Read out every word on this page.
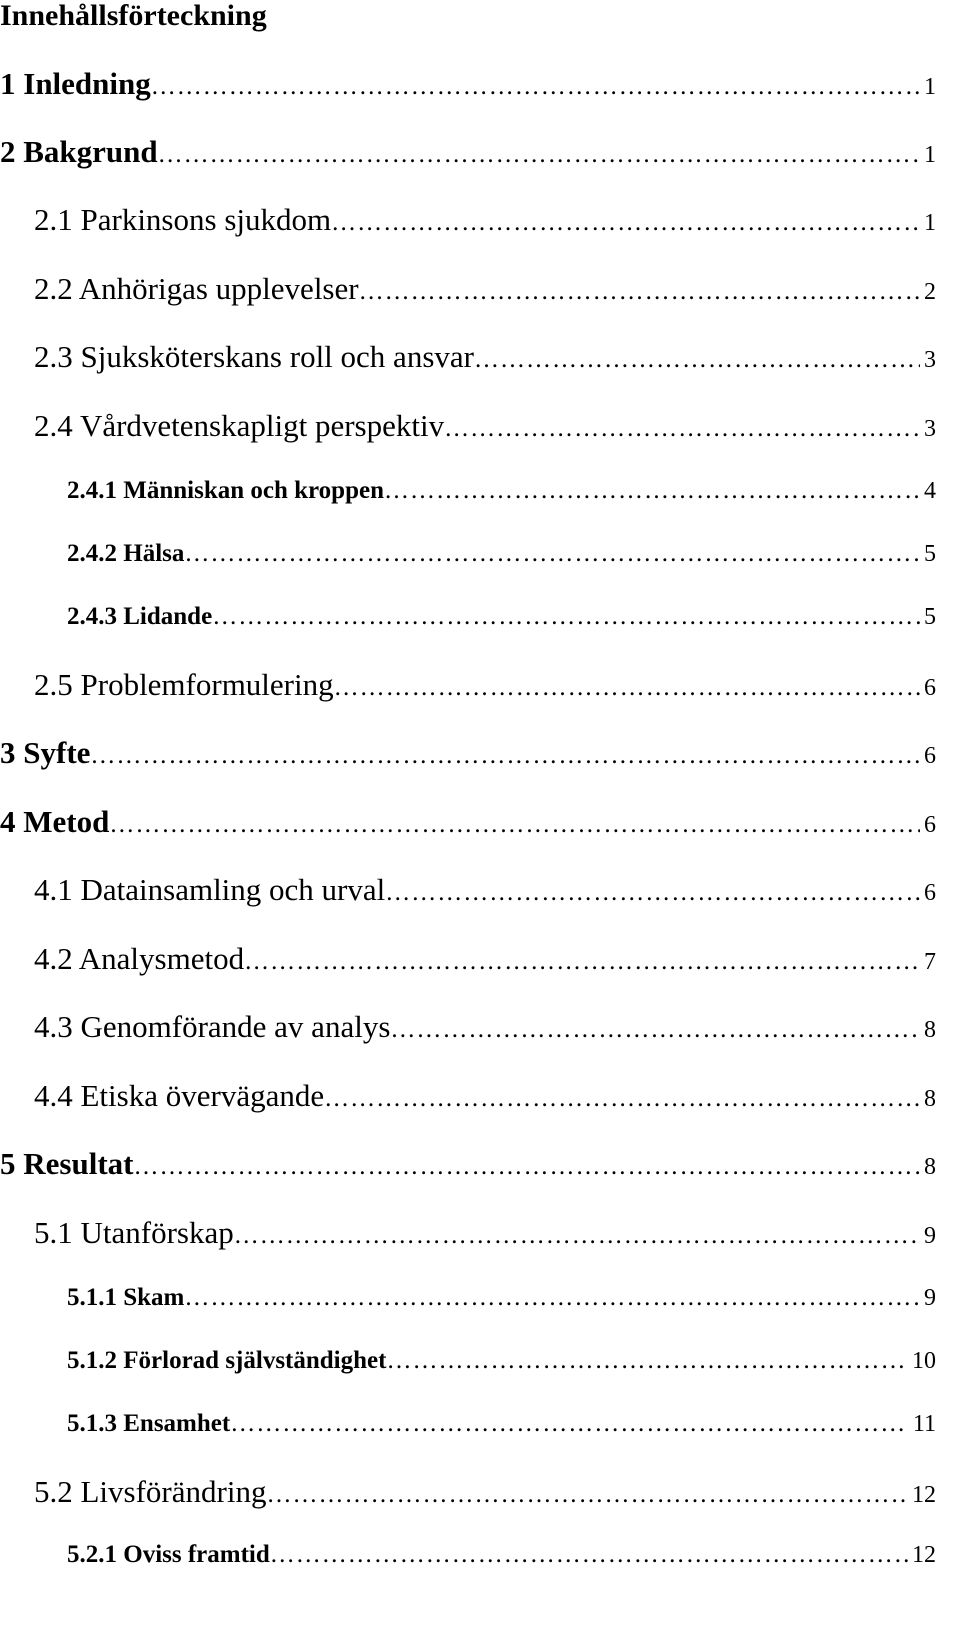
Innehållsförteckning
1 Inledning ……………………………………………………………………………………………………………………………………………………………………	1
2 Bakgrund ……………………………………………………………………………………………………………………………………………………………………	1
2.1 Parkinsons sjukdom ……………………………………………………………………………………………………………………………………………………………………	1
2.2 Anhörigas upplevelser ……………………………………………………………………………………………………………………………………………………………………	2
2.3 Sjuksköterskans roll och ansvar ……………………………………………………………………………………………………………………………………………………………………	3
2.4 Vårdvetenskapligt perspektiv ……………………………………………………………………………………………………………………………………………………………………	3
2.4.1 Människan och kroppen ……………………………………………………………………………………………………………………………………………………………………	4
2.4.2 Hälsa ……………………………………………………………………………………………………………………………………………………………………	5
2.4.3 Lidande ……………………………………………………………………………………………………………………………………………………………………	5
2.5 Problemformulering ……………………………………………………………………………………………………………………………………………………………………	6
3 Syfte ……………………………………………………………………………………………………………………………………………………………………	6
4 Metod ……………………………………………………………………………………………………………………………………………………………………	6
4.1 Datainsamling och urval ……………………………………………………………………………………………………………………………………………………………………	6
4.2 Analysmetod ……………………………………………………………………………………………………………………………………………………………………	7
4.3 Genomförande av analys ……………………………………………………………………………………………………………………………………………………………………	8
4.4 Etiska övervägande ……………………………………………………………………………………………………………………………………………………………………	8
5 Resultat ……………………………………………………………………………………………………………………………………………………………………	8
5.1 Utanförskap ……………………………………………………………………………………………………………………………………………………………………	9
5.1.1 Skam ……………………………………………………………………………………………………………………………………………………………………	9
5.1.2 Förlorad självständighet ……………………………………………………………………………………………………………………………………………………………………	10
5.1.3 Ensamhet ……………………………………………………………………………………………………………………………………………………………………	11
5.2 Livsförändring ……………………………………………………………………………………………………………………………………………………………………	12
5.2.1 Oviss framtid ……………………………………………………………………………………………………………………………………………………………………	12
